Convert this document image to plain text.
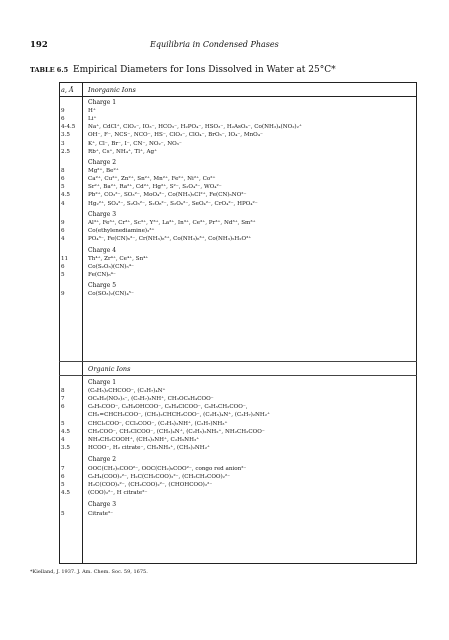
192	Equilibria in Condensed Phases
TABLE 6.5 Empirical Diameters for Ions Dissolved in Water at 25°C*
a, Å Inorganic Ions
Organic Ions
Charge 1
9	H⁺
6	Li⁺
4-4.5	Na⁺, CdCl⁺, ClO₂⁻, IO₃⁻, HCO₃⁻, H₂PO₄⁻, HSO₃⁻, H₂AsO₄⁻, Co(NH₃)₄(NO₂)₂⁺
3.5	OH⁻, F⁻, NCS⁻, NCO⁻, HS⁻, ClO₃⁻, ClO₄⁻, BrO₃⁻, IO₄⁻, MnO₄⁻
3	K⁺, Cl⁻, Br⁻, I⁻, CN⁻, NO₂⁻, NO₃⁻
2.5	Rb⁺, Cs⁺, NH₄⁺, Tl⁺, Ag⁺
Charge 2
8	Mg²⁺, Be²⁺
6	Ca²⁺, Cu²⁺, Zn²⁺, Sn²⁺, Mn²⁺, Fe²⁺, Ni²⁺, Co²⁺
5	Sr²⁺, Ba²⁺, Ra²⁺, Cd²⁺, Hg²⁺, S²⁻, S₂O₄²⁻, WO₄²⁻
4.5	Pb²⁺, CO₃²⁻, SO₃²⁻, MoO₄²⁻, Co(NH₃)₅Cl²⁺, Fe(CN)₅NO²⁻
4	Hg₂²⁺, SO₄²⁻, S₂O₃²⁻, S₂O₈²⁻, S₂O₆²⁻, SeO₄²⁻, CrO₄²⁻, HPO₄²⁻
Charge 3
9	Al³⁺, Fe³⁺, Cr³⁺, Sc³⁺, Y³⁺, La³⁺, In³⁺, Ce³⁺, Pr³⁺, Nd³⁺, Sm³⁺
6	Co(ethylenediamine)₃³⁺
4	PO₄³⁻, Fe(CN)₆³⁻, Cr(NH₃)₆³⁺, Co(NH₃)₆³⁺, Co(NH₃)₅H₂O³⁺
Charge 4
11	Th⁴⁺, Zr⁴⁺, Ce⁴⁺, Sn⁴⁺
6	Co(S₂O₃)(CN)₅⁴⁻
5	Fe(CN)₆⁴⁻
Charge 5
9	Co(SO₃)₂(CN)₄⁵⁻
Charge 1
8	(C₆H₅)₂CHCOO⁻, (C₃H₇)₄N⁺
7	OC₆H₂(NO₂)₃⁻, (C₃H₇)₃NH⁺, CH₃OC₆H₄COO⁻
6	C₆H₅COO⁻, C₆H₄OHCOO⁻, C₆H₄ClCOO⁻, C₆H₅CH₂COO⁻,
CH₂=CHCH₂COO⁻, (CH₃)₂CHCH₂COO⁻, (C₂H₅)₄N⁺, (C₃H₇)₂NH₂⁺
5	CHCl₂COO⁻, CCl₃COO⁻, (C₂H₅)₃NH⁺, (C₃H₇)NH₃⁺
4.5	CH₃COO⁻, CH₂ClCOO⁻, (CH₃)₄N⁺, (C₂H₅)₂NH₂⁺, NH₂CH₂COO⁻
4	NH₃CH₂COOH⁺, (CH₃)₃NH⁺, C₂H₅NH₃⁺
3.5	HCOO⁻, H₂ citrate⁻, CH₃NH₃⁺, (CH₃)₂NH₂⁺
Charge 2
7	OOC(CH₂)₅COO²⁻, OOC(CH₂)₆COO²⁻, congo red anion²⁻
6	C₆H₄(COO)₂²⁻, H₂C(CH₂COO)₂²⁻, (CH₂CH₂COO)₂²⁻
5	H₂C(COO)₂²⁻, (CH₂COO)₂²⁻, (CHOHCOO)₂²⁻
4.5	(COO)₂²⁻, H citrate²⁻
Charge 3
5	Citrate³⁻
*Kielland, J. 1937. J. Am. Chem. Soc. 59, 1675.
